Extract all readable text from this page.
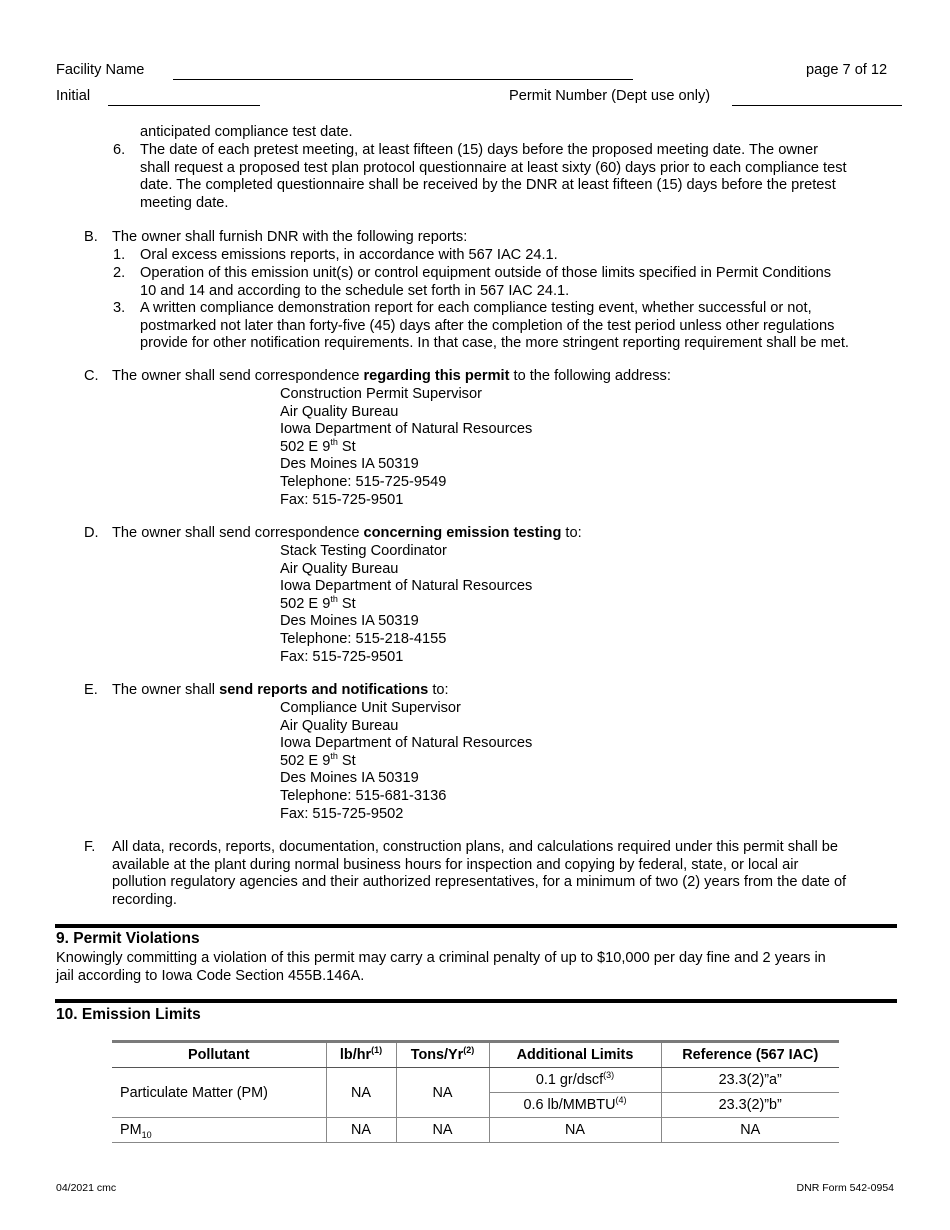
Facility Name	page 7 of 12
Initial	Permit Number (Dept use only)
anticipated compliance test date.
6. The date of each pretest meeting, at least fifteen (15) days before the proposed meeting date. The owner
shall request a proposed test plan protocol questionnaire at least sixty (60) days prior to each compliance test
date. The completed questionnaire shall be received by the DNR at least fifteen (15) days before the pretest
meeting date.
B. The owner shall furnish DNR with the following reports:
1. Oral excess emissions reports, in accordance with 567 IAC 24.1.
2. Operation of this emission unit(s) or control equipment outside of those limits specified in Permit Conditions
10 and 14 and according to the schedule set forth in 567 IAC 24.1.
3. A written compliance demonstration report for each compliance testing event, whether successful or not,
postmarked not later than forty-five (45) days after the completion of the test period unless other regulations
provide for other notification requirements. In that case, the more stringent reporting requirement shall be met.
C. The owner shall send correspondence regarding this permit to the following address:
Construction Permit Supervisor
Air Quality Bureau
Iowa Department of Natural Resources
502 E 9th St
Des Moines IA 50319
Telephone: 515-725-9549
Fax: 515-725-9501
D. The owner shall send correspondence concerning emission testing to:
Stack Testing Coordinator
Air Quality Bureau
Iowa Department of Natural Resources
502 E 9th St
Des Moines IA 50319
Telephone: 515-218-4155
Fax: 515-725-9501
E. The owner shall send reports and notifications to:
Compliance Unit Supervisor
Air Quality Bureau
Iowa Department of Natural Resources
502 E 9th St
Des Moines IA 50319
Telephone: 515-681-3136
Fax: 515-725-9502
F. All data, records, reports, documentation, construction plans, and calculations required under this permit shall be
available at the plant during normal business hours for inspection and copying by federal, state, or local air
pollution regulatory agencies and their authorized representatives, for a minimum of two (2) years from the date of
recording.
9. Permit Violations
Knowingly committing a violation of this permit may carry a criminal penalty of up to $10,000 per day fine and 2 years in
jail according to Iowa Code Section 455B.146A.
10. Emission Limits
Pollutant	$lb/hr^{(1)}$	Tons/Yr$^{(2)}$	Additional Limits	Reference (567 IAC)
Particulate Matter (PM)	NA	NA	0.1 gr/dscf$^{(3)}$	23.3(2)”a”
			0.6 lb/MMBTU$^{(4)}$	23.3(2)”b”
$PM_{10}$	NA	NA	NA	NA
04/2021 cmc	DNR Form 542-0954
